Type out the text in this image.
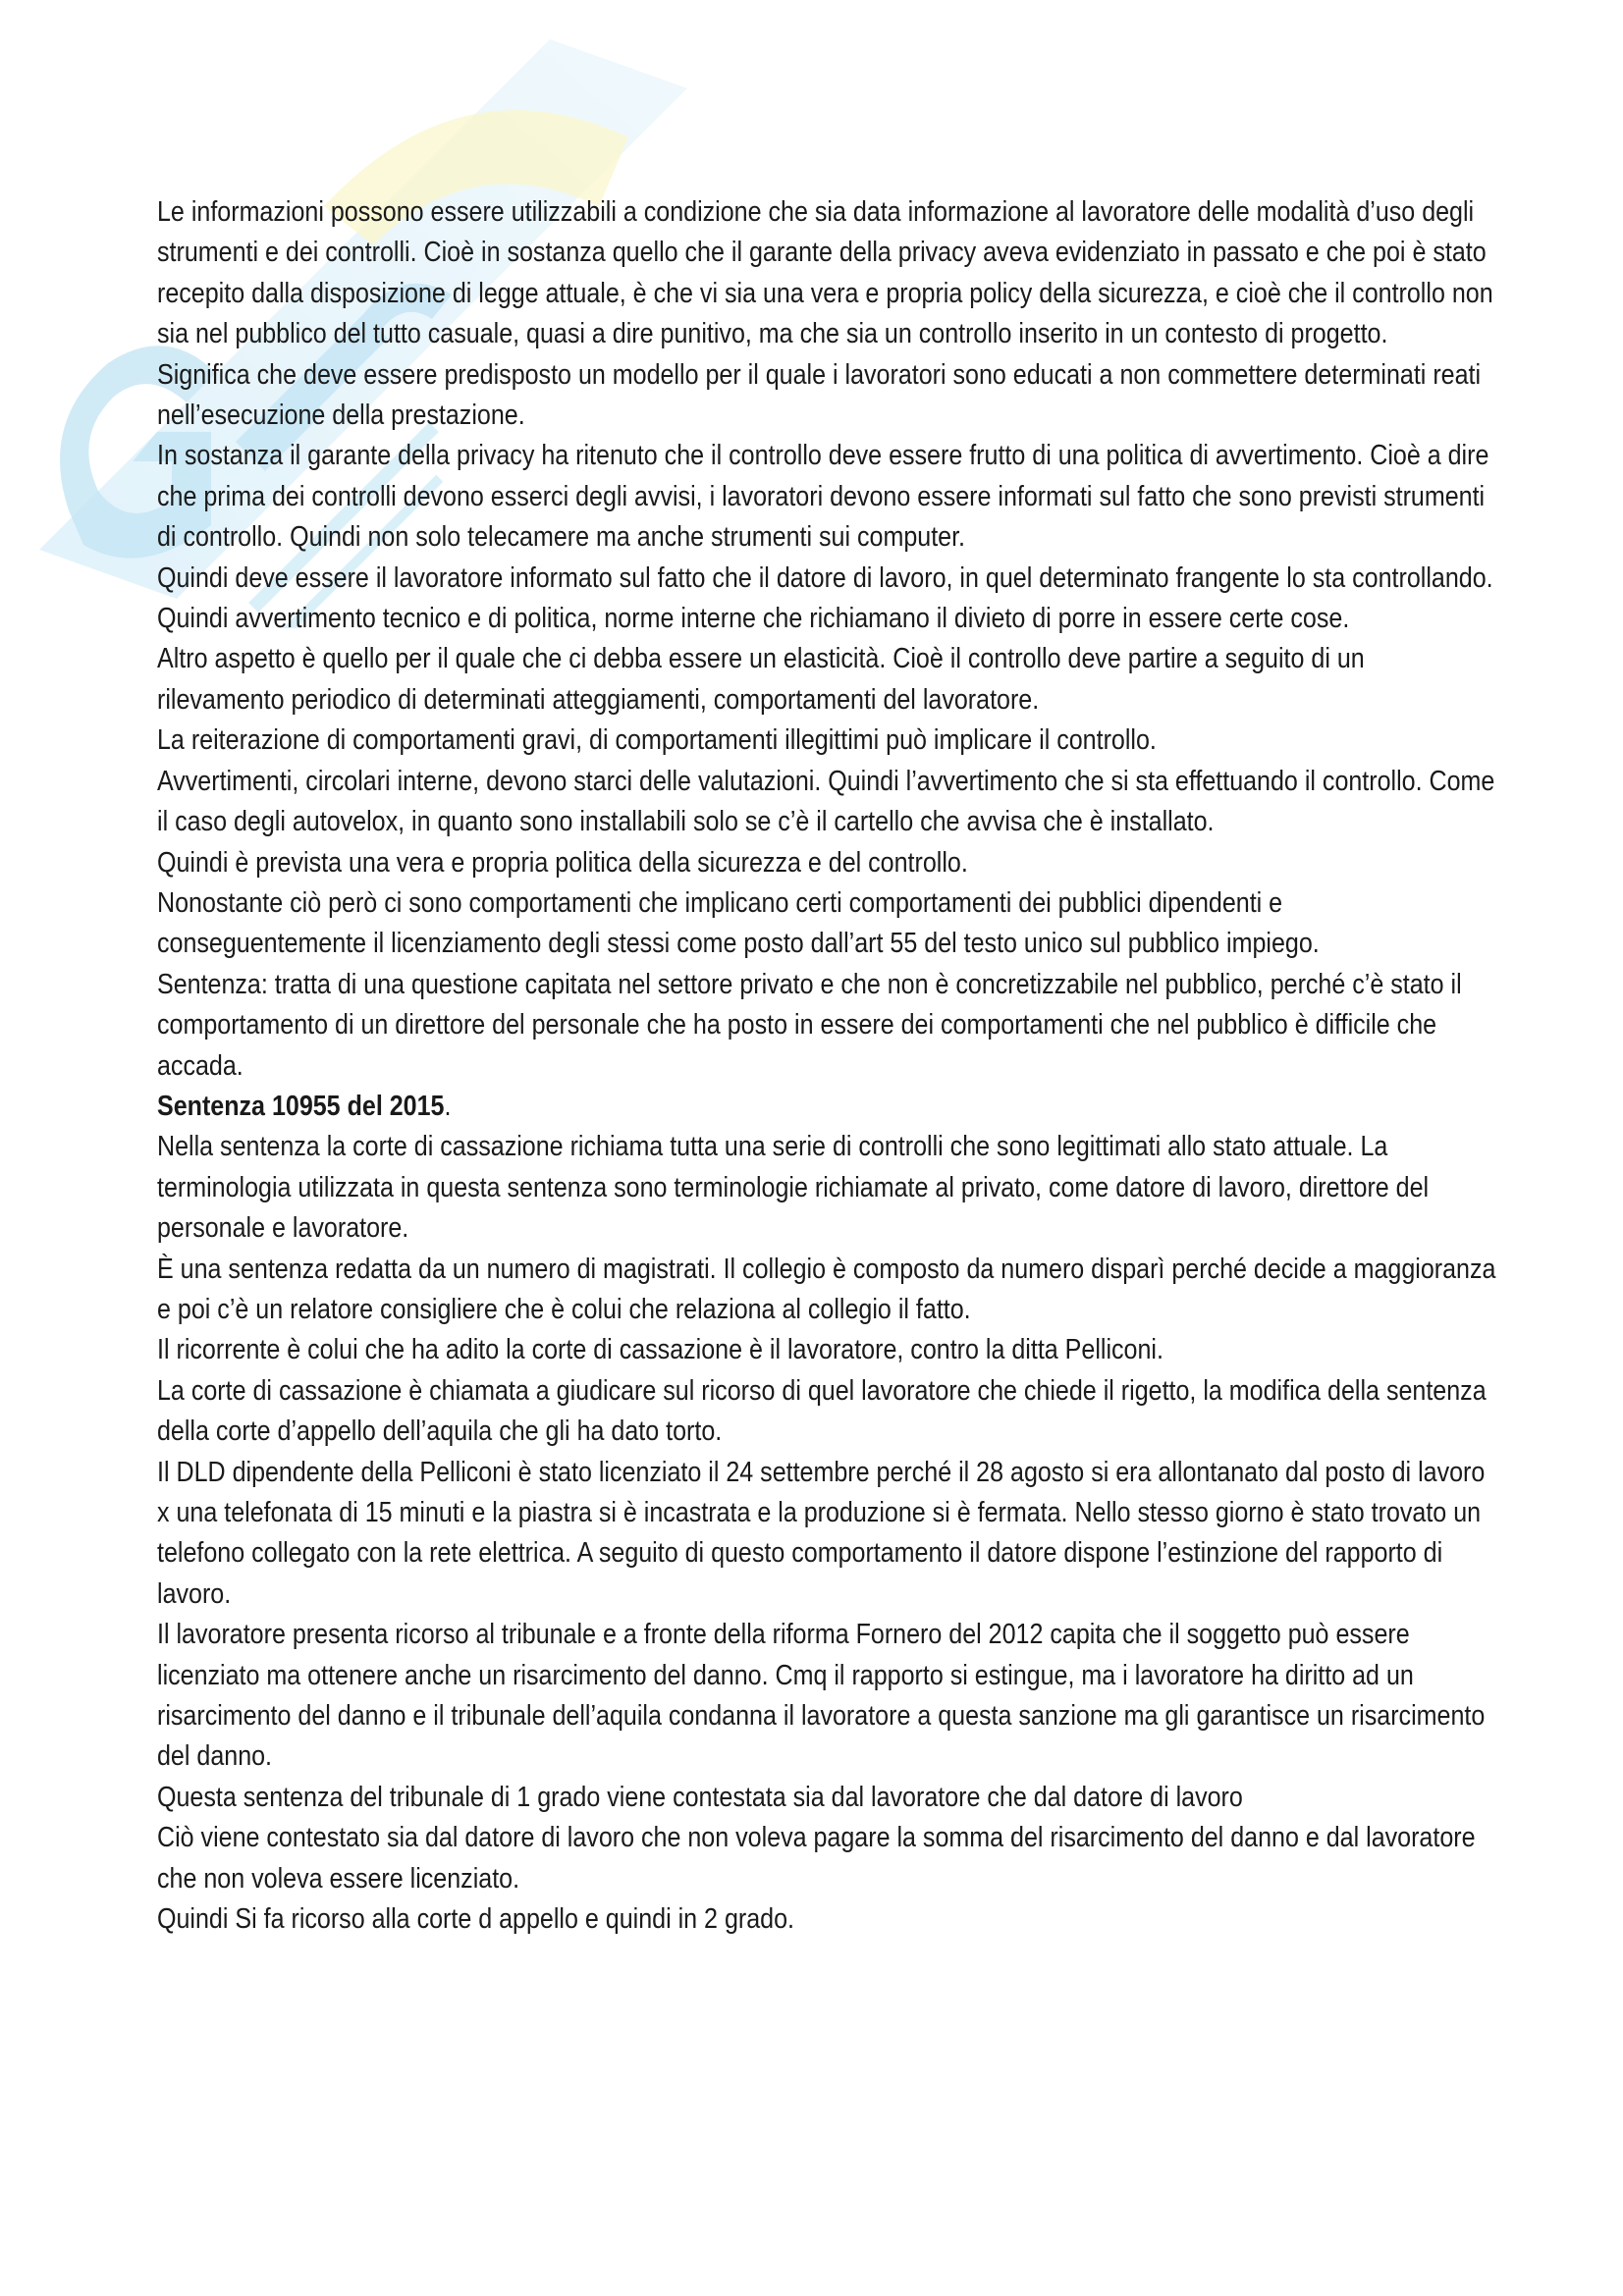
Le informazioni possono essere utilizzabili a condizione che sia data informazione al lavoratore delle modalità d’uso degli strumenti e dei controlli. Cioè in sostanza quello che il garante della privacy aveva evidenziato in passato e che poi è stato recepito dalla disposizione di legge attuale, è che vi sia una vera e propria policy della sicurezza, e cioè che il controllo non sia nel pubblico del tutto casuale, quasi a dire punitivo, ma che sia un controllo inserito in un contesto di progetto.

Significa che deve essere predisposto un modello per il quale i lavoratori sono educati a non commettere determinati reati nell’esecuzione della prestazione.

In sostanza il garante della privacy ha ritenuto che il controllo deve essere frutto di una politica di avvertimento. Cioè a dire che prima dei controlli devono esserci degli avvisi, i lavoratori devono essere informati sul fatto che sono previsti strumenti di controllo. Quindi non solo telecamere ma anche strumenti sui computer.

Quindi deve essere il lavoratore informato sul fatto che il datore di lavoro, in quel determinato frangente lo sta controllando.

Quindi avvertimento tecnico e di politica, norme interne che richiamano il divieto di porre in essere certe cose.

Altro aspetto è quello per il quale che ci debba essere un elasticità. Cioè il controllo deve partire a seguito di un rilevamento periodico di determinati atteggiamenti, comportamenti del lavoratore.

La reiterazione di comportamenti gravi, di comportamenti illegittimi può implicare il controllo.

Avvertimenti, circolari interne, devono starci delle valutazioni. Quindi l’avvertimento che si sta effettuando il controllo. Come il caso degli autovelox, in quanto sono installabili solo se c’è il cartello che avvisa che è installato.

Quindi è prevista una vera e propria politica della sicurezza e del controllo.

Nonostante ciò però ci sono comportamenti che implicano certi comportamenti dei pubblici dipendenti e conseguentemente il licenziamento degli stessi come posto dall’art 55 del testo unico sul pubblico impiego.

Sentenza: tratta di una questione capitata nel settore privato e che non è concretizzabile nel pubblico, perché c’è stato il comportamento di un direttore del personale che ha posto in essere dei comportamenti che nel pubblico è difficile che accada.

Sentenza 10955 del 2015.

Nella sentenza la corte di cassazione richiama tutta una serie di controlli che sono legittimati allo stato attuale. La terminologia utilizzata in questa sentenza sono terminologie richiamate al privato, come datore di lavoro, direttore del personale e lavoratore.

È una sentenza redatta da un numero di magistrati. Il collegio è composto da numero disparì perché decide a maggioranza e poi c’è un relatore consigliere che è colui che relaziona al collegio il fatto.

Il ricorrente è colui che ha adito la corte di cassazione è il lavoratore, contro la ditta Pelliconi.

La corte di cassazione è chiamata a giudicare sul ricorso di quel lavoratore che chiede il rigetto, la modifica della sentenza della corte d’appello dell’aquila che gli ha dato torto.

Il DLD dipendente della Pelliconi è stato licenziato il 24 settembre perché il 28 agosto si era allontanato dal posto di lavoro x una telefonata di 15 minuti e la piastra si è incastrata e la produzione si è fermata. Nello stesso giorno è stato trovato un telefono collegato con la rete elettrica. A seguito di questo comportamento il datore dispone l’estinzione del rapporto di lavoro.

Il lavoratore presenta ricorso al tribunale e a fronte della riforma Fornero del 2012 capita che il soggetto può essere licenziato ma ottenere anche un risarcimento del danno. Cmq il rapporto si estingue, ma i lavoratore ha diritto ad un risarcimento del danno e il tribunale dell’aquila condanna il lavoratore a questa sanzione ma gli garantisce un risarcimento del danno.

Questa sentenza del tribunale di 1 grado viene contestata sia dal lavoratore che dal datore di lavoro

Ciò viene contestato sia dal datore di lavoro che non voleva pagare la somma del risarcimento del danno e dal lavoratore che non voleva essere licenziato.

Quindi Si fa ricorso alla corte d appello e quindi in 2 grado.
